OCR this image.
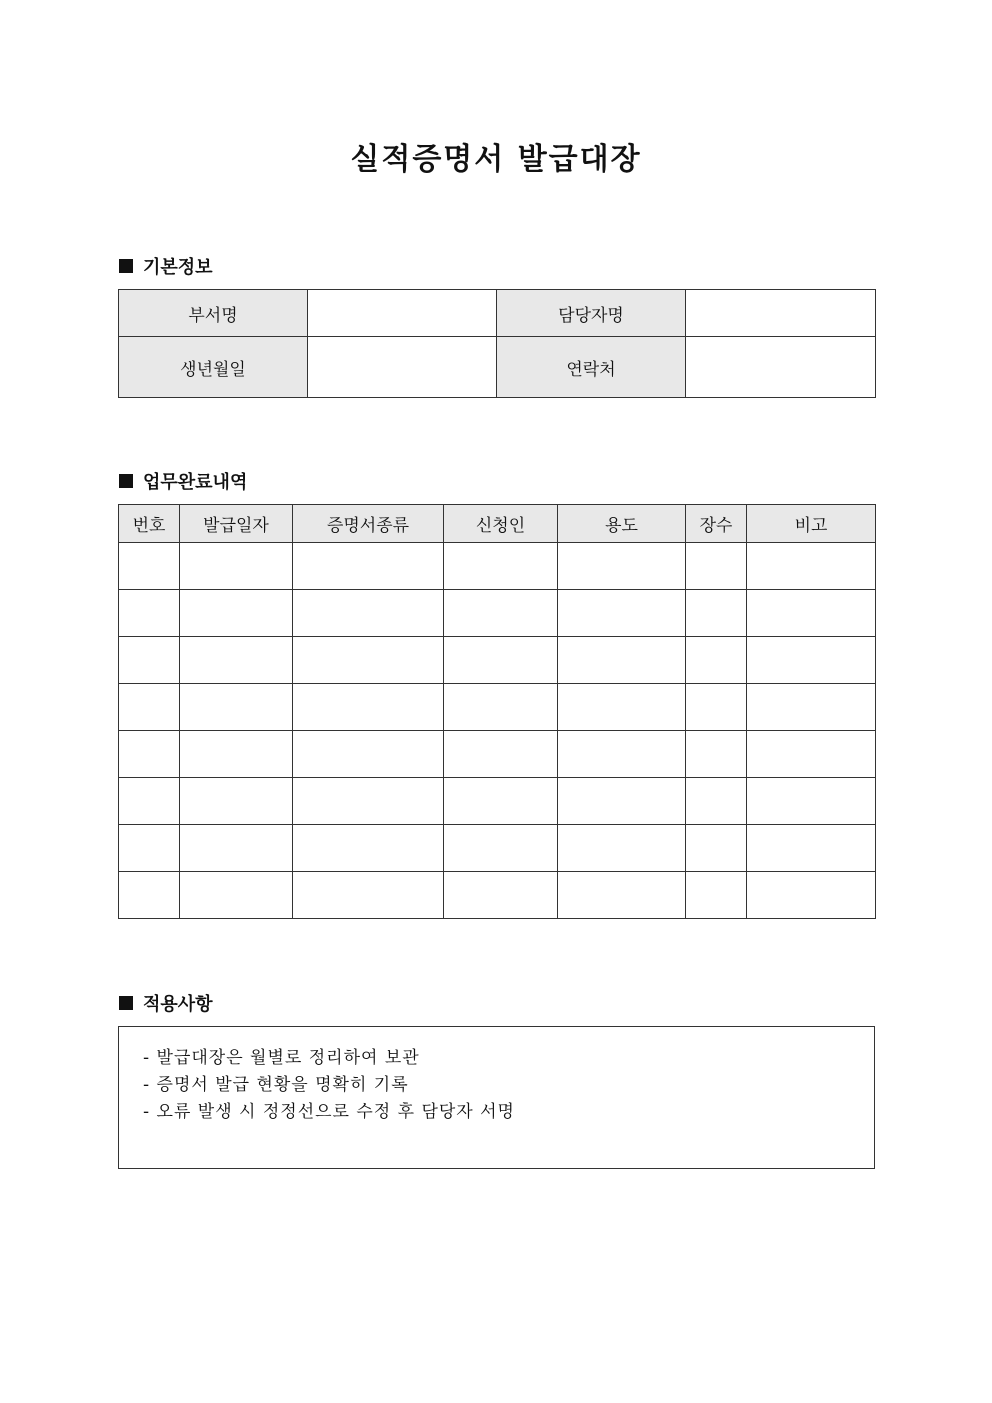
실적증명서 발급대장
기본정보
부서명		담당자명	
생년월일		연락처	
업무완료내역
번호	발급일자	증명서종류	신청인	용도	장수	비고

적용사항
- 발급대장은 월별로 정리하여 보관
- 증명서 발급 현황을 명확히 기록
- 오류 발생 시 정정선으로 수정 후 담당자 서명
